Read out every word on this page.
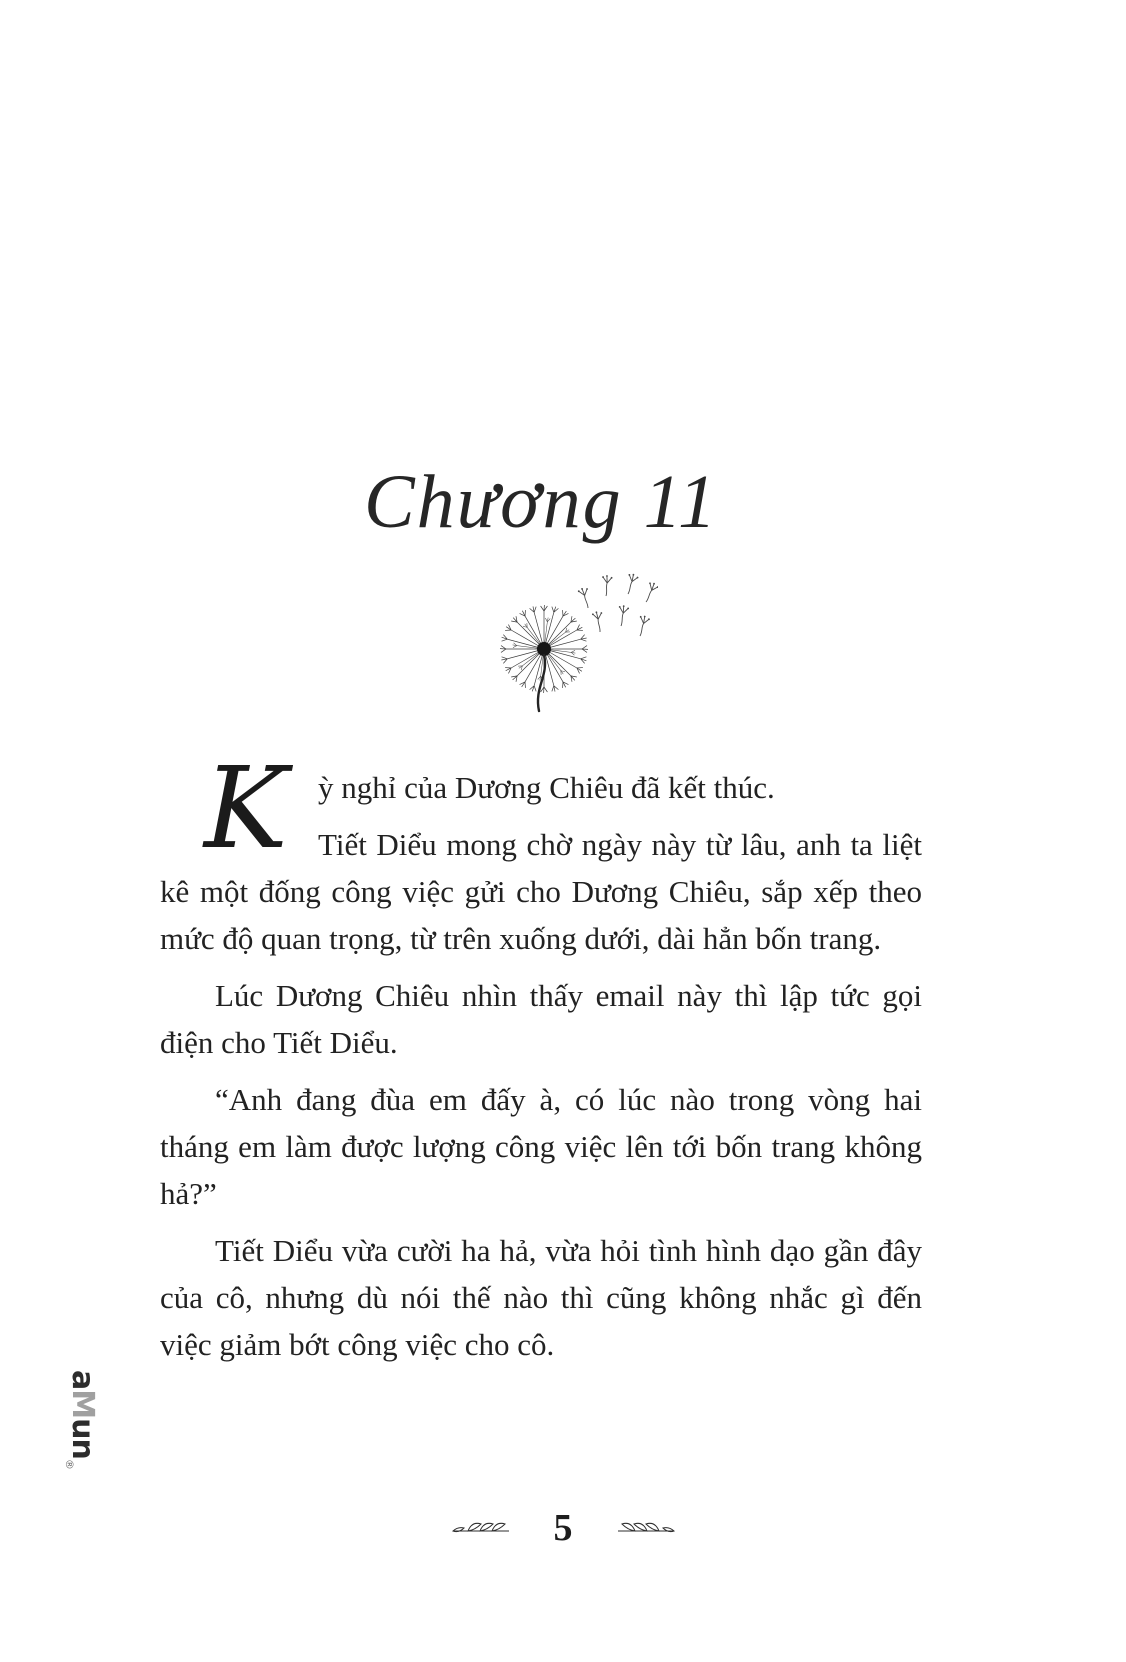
Chương 11

K ỳ nghỉ của Dương Chiêu đã kết thúc.

Tiết Diểu mong chờ ngày này từ lâu, anh ta liệt kê một đống công việc gửi cho Dương Chiêu, sắp xếp theo mức độ quan trọng, từ trên xuống dưới, dài hẳn bốn trang.

Lúc Dương Chiêu nhìn thấy email này thì lập tức gọi điện cho Tiết Diểu.

“Anh đang đùa em đấy à, có lúc nào trong vòng hai tháng em làm được lượng công việc lên tới bốn trang không hả?”

Tiết Diểu vừa cười ha hả, vừa hỏi tình hình dạo gần đây của cô, nhưng dù nói thế nào thì cũng không nhắc gì đến việc giảm bớt công việc cho cô.

aMun$_®$
5
